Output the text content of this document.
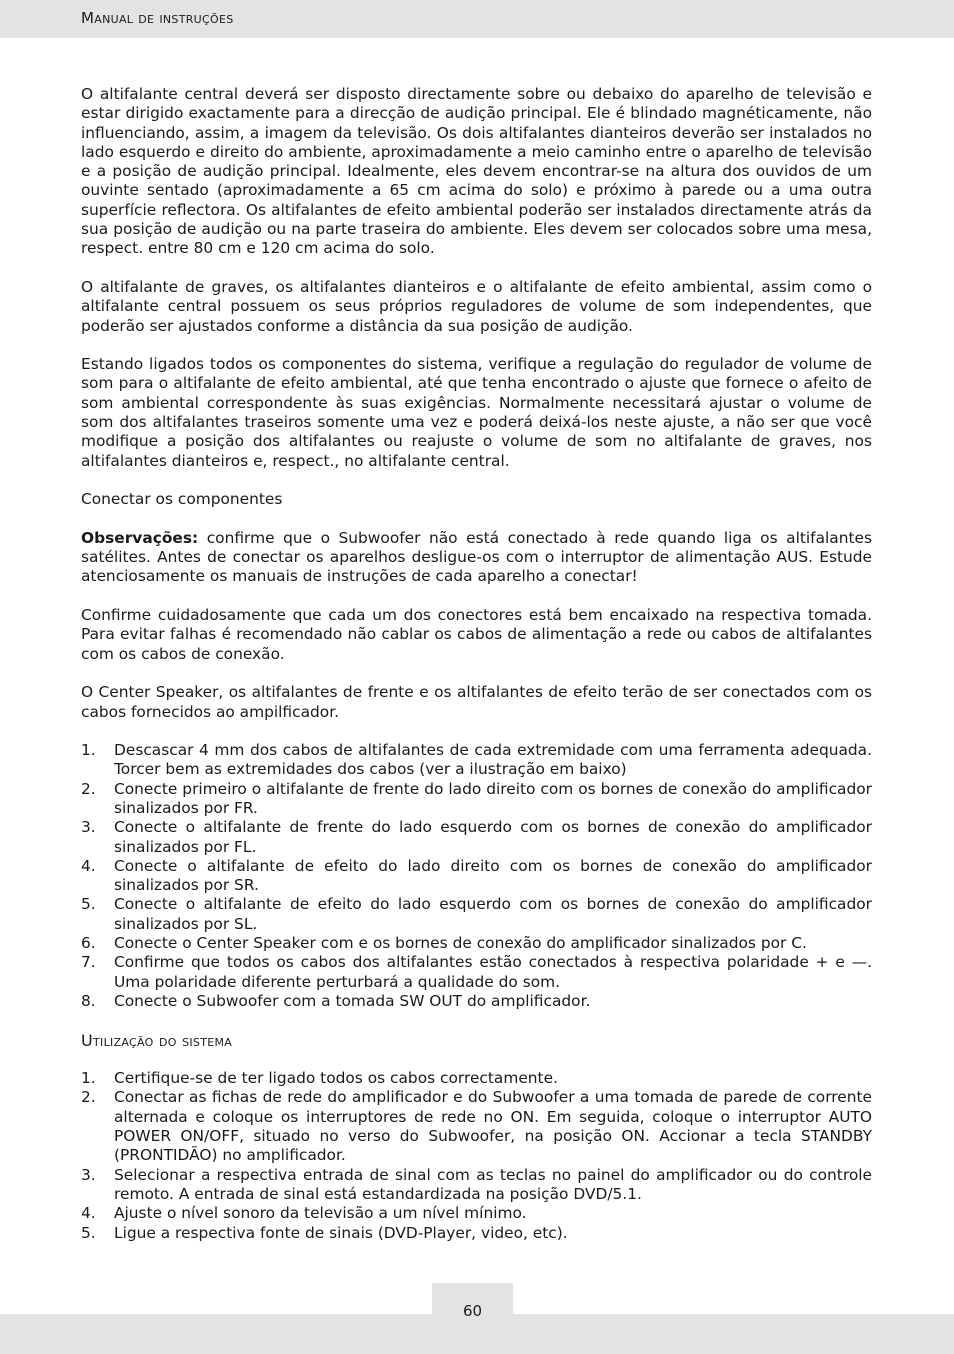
Manual de instruções

O altifalante central deverá ser disposto directamente sobre ou debaixo do aparelho de televisão e estar dirigido exactamente para a direcção de audição principal. Ele é blindado magnéticamente, não influenciando, assim, a imagem da televisão. Os dois altifalantes dianteiros deverão ser instalados no lado esquerdo e direito do ambiente, aproximadamente a meio caminho entre o aparelho de televisão e a posição de audição principal. Idealmente, eles devem encontrar-se na altura dos ouvidos de um ouvinte sentado (aproximadamente a 65 cm acima do solo) e próximo à parede ou a uma outra superfície reflectora. Os altifalantes de efeito ambiental poderão ser instalados directamente atrás da sua posição de audição ou na parte traseira do ambiente. Eles devem ser colocados sobre uma mesa, respect. entre 80 cm e 120 cm acima do solo.

O altifalante de graves, os altifalantes dianteiros e o altifalante de efeito ambiental, assim como o altifalante central possuem os seus próprios reguladores de volume de som independentes, que poderão ser ajustados conforme a distância da sua posição de audição.

Estando ligados todos os componentes do sistema, verifique a regulação do regulador de volume de som para o altifalante de efeito ambiental, até que tenha encontrado o ajuste que fornece o afeito de som ambiental correspondente às suas exigências. Normalmente necessitará ajustar o volume de som dos altifalantes traseiros somente uma vez e poderá deixá-los neste ajuste, a não ser que você modifique a posição dos altifalantes ou reajuste o volume de som no altifalante de graves, nos altifalantes dianteiros e, respect., no altifalante central.

Conectar os componentes

Observações: confirme que o Subwoofer não está conectado à rede quando liga os altifalantes satélites. Antes de conectar os aparelhos desligue-os com o interruptor de alimentação AUS. Estude atenciosamente os manuais de instruções de cada aparelho a conectar!

Confirme cuidadosamente que cada um dos conectores está bem encaixado na respectiva tomada. Para evitar falhas é recomendado não cablar os cabos de alimentação a rede ou cabos de altifalantes com os cabos de conexão.

O Center Speaker, os altifalantes de frente e os altifalantes de efeito terão de ser conectados com os cabos fornecidos ao ampilficador.

1.	Descascar 4 mm dos cabos de altifalantes de cada extremidade com uma ferramenta adequada. Torcer bem as extremidades dos cabos (ver a ilustração em baixo)
2.	Conecte primeiro o altifalante de frente do lado direito com os bornes de conexão do amplificador sinalizados por FR.
3.	Conecte o altifalante de frente do lado esquerdo com os bornes de conexão do amplificador sinalizados por FL.
4.	Conecte o altifalante de efeito do lado direito com os bornes de conexão do amplificador sinalizados por SR.
5.	Conecte o altifalante de efeito do lado esquerdo com os bornes de conexão do amplificador sinalizados por SL.
6.	Conecte o Center Speaker com e os bornes de conexão do amplificador sinalizados por C.
7.	Confirme que todos os cabos dos altifalantes estão conectados à respectiva polaridade + e —. Uma polaridade diferente perturbará a qualidade do som.
8.	Conecte o Subwoofer com a tomada SW OUT do amplificador.

Utilização do sistema

1.	Certifique-se de ter ligado todos os cabos correctamente.
2.	Conectar as fichas de rede do amplificador e do Subwoofer a uma tomada de parede de corrente alternada e coloque os interruptores de rede no ON. Em seguida, coloque o interruptor AUTO POWER ON/OFF, situado no verso do Subwoofer, na posição ON. Accionar a tecla STANDBY (PRONTIDÃO) no amplificador.
3.	Selecionar a respectiva entrada de sinal com as teclas no painel do amplificador ou do controle remoto. A entrada de sinal está estandardizada na posição DVD/5.1.
4.	Ajuste o nível sonoro da televisão a um nível mínimo.
5.	Ligue a respectiva fonte de sinais (DVD-Player, video, etc).
60
